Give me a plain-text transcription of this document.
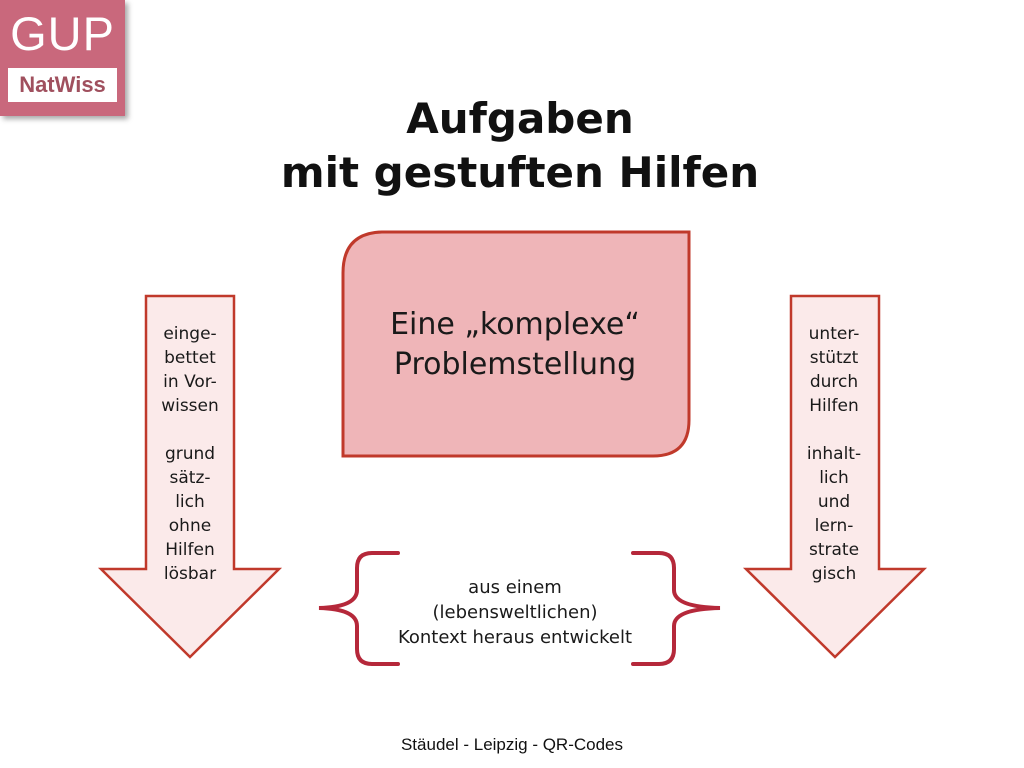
GUP
NatWiss
Aufgaben
mit gestuften Hilfen
Eine „komplexe“
Problemstellung
einge-
bettet
in Vor-
wissen
grund
sätz-
lich
ohne
Hilfen
lösbar
unter-
stützt
durch
Hilfen
inhalt-
lich
und
lern-
strate
gisch
aus einem
(lebensweltlichen)
Kontext heraus entwickelt
Stäudel - Leipzig - QR-Codes
